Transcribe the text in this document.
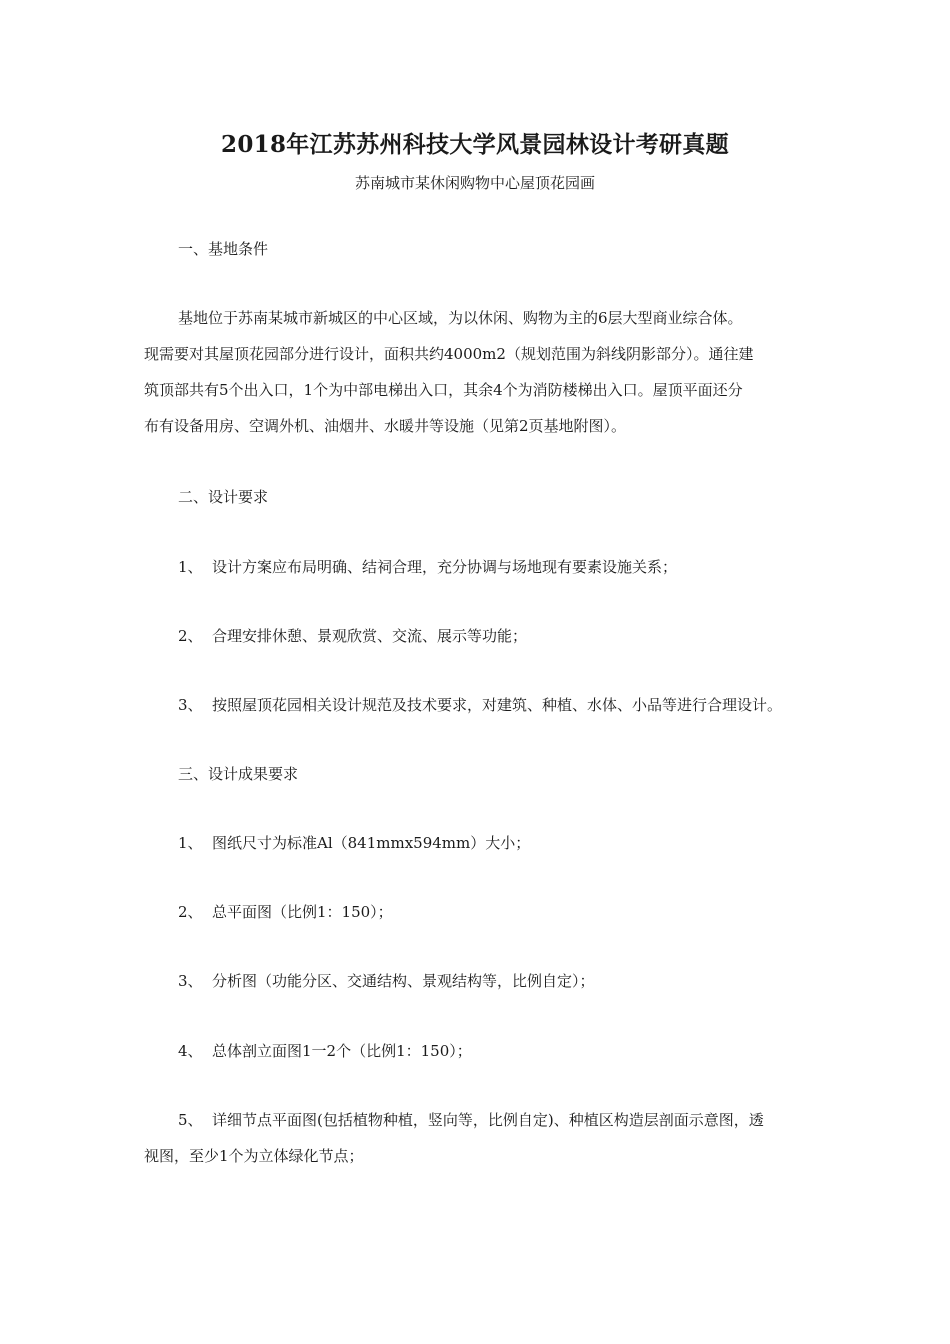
2018年江苏苏州科技大学风景园林设计考研真题
苏南城市某休闲购物中心屋顶花园画
一、基地条件
基地位于苏南某城市新城区的中心区域，为以休闲、购物为主的6层大型商业综合体。
现需要对其屋顶花园部分进行设计，面积共约4000m2（规划范围为斜线阴影部分）。通往建
筑顶部共有5个出入口，1个为中部电梯出入口，其余4个为消防楼梯出入口。屋顶平面还分
布有设备用房、空调外机、油烟井、水暖井等设施（见第2页基地附图）。
二、设计要求
1、 设计方案应布局明确、结祠合理，充分协调与场地现有要素设施关系；
2、 合理安排休憩、景观欣赏、交流、展示等功能；
3、 按照屋顶花园相关设计规范及技术要求，对建筑、种植、水体、小品等进行合理设计。
三、设计成果要求
1、 图纸尺寸为标准Al（841mmx594mm）大小；
2、 总平面图（比例1：150）；
3、 分析图（功能分区、交通结构、景观结构等，比例自定）；
4、 总体剖立面图1一2个（比例1：150）；
5、 详细节点平面图(包括植物种植，竖向等，比例自定)、种植区构造层剖面示意图，透
视图，至少1个为立体绿化节点；
